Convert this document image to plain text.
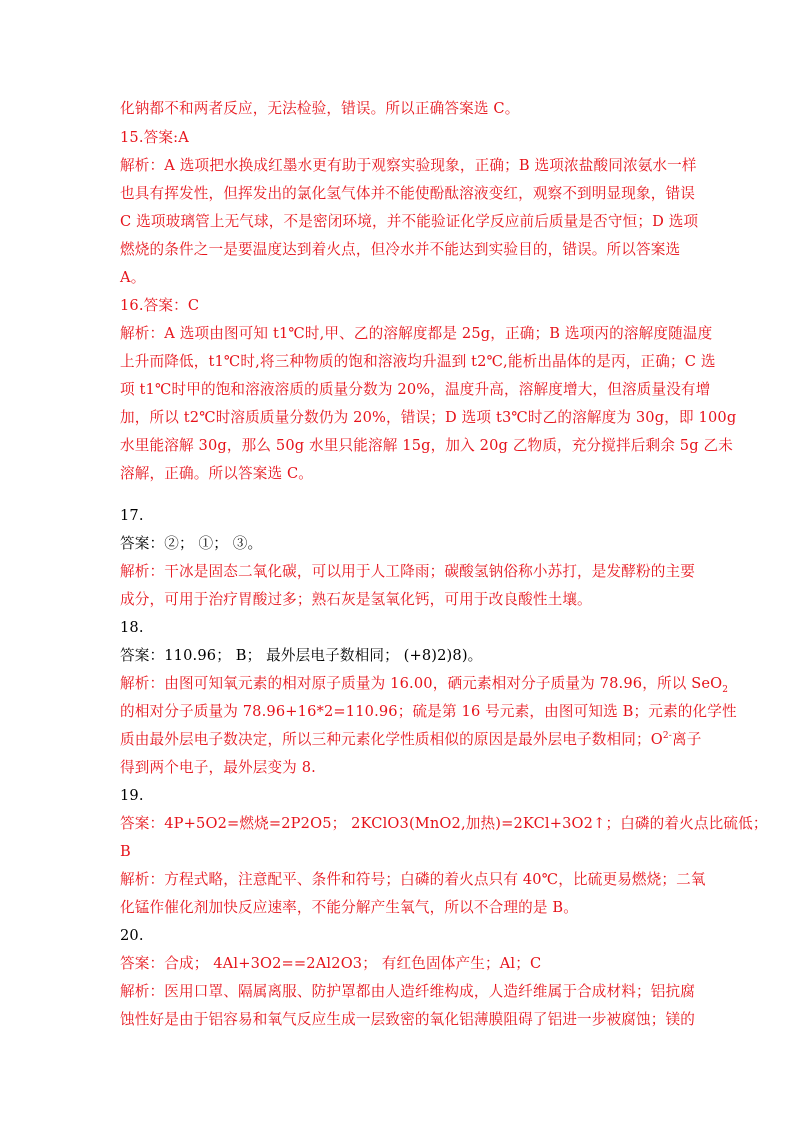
化钠都不和两者反应，无法检验，错误。所以正确答案选 C。
15.答案:A
解析：A 选项把水换成红墨水更有助于观察实验现象，正确；B 选项浓盐酸同浓氨水一样
也具有挥发性，但挥发出的氯化氢气体并不能使酚酞溶液变红，观察不到明显现象，错误
C 选项玻璃管上无气球，不是密闭环境，并不能验证化学反应前后质量是否守恒；D 选项
燃烧的条件之一是要温度达到着火点，但冷水并不能达到实验目的，错误。所以答案选
A。
16.答案：C
解析：A 选项由图可知 t1℃时,甲、乙的溶解度都是 25g，正确；B 选项丙的溶解度随温度
上升而降低，t1℃时,将三种物质的饱和溶液均升温到 t2℃,能析出晶体的是丙，正确；C 选
项 t1℃时甲的饱和溶液溶质的质量分数为 20%，温度升高，溶解度增大，但溶质量没有增
加，所以 t2℃时溶质质量分数仍为 20%，错误；D 选项 t3℃时乙的溶解度为 30g，即 100g
水里能溶解 30g，那么 50g 水里只能溶解 15g，加入 20g 乙物质，充分搅拌后剩余 5g 乙未
溶解，正确。所以答案选 C。
17.
答案：②； ①； ③。
解析：干冰是固态二氧化碳，可以用于人工降雨；碳酸氢钠俗称小苏打，是发酵粉的主要
成分，可用于治疗胃酸过多；熟石灰是氢氧化钙，可用于改良酸性土壤。
18.
答案：110.96； B； 最外层电子数相同； (+8)2)8)。
解析：由图可知氧元素的相对原子质量为 16.00，硒元素相对分子质量为 78.96，所以 SeO$_2$
的相对分子质量为 78.96+16*2=110.96；硫是第 16 号元素，由图可知选 B；元素的化学性
质由最外层电子数决定，所以三种元素化学性质相似的原因是最外层电子数相同；$O^{2-}$离子
得到两个电子，最外层变为 8.
19.
答案：4P+5O2=燃烧=2P2O5； 2KClO3(MnO2,加热)=2KCl+3O2↑；白磷的着火点比硫低；
B
解析：方程式略，注意配平、条件和符号；白磷的着火点只有 40℃，比硫更易燃烧；二氧
化锰作催化剂加快反应速率，不能分解产生氧气，所以不合理的是 B。
20.
答案：合成； 4Al+3O2==2Al2O3； 有红色固体产生；Al；C
解析：医用口罩、隔属离服、防护罩都由人造纤维构成，人造纤维属于合成材料；铝抗腐
蚀性好是由于铝容易和氧气反应生成一层致密的氧化铝薄膜阻碍了铝进一步被腐蚀；镁的
